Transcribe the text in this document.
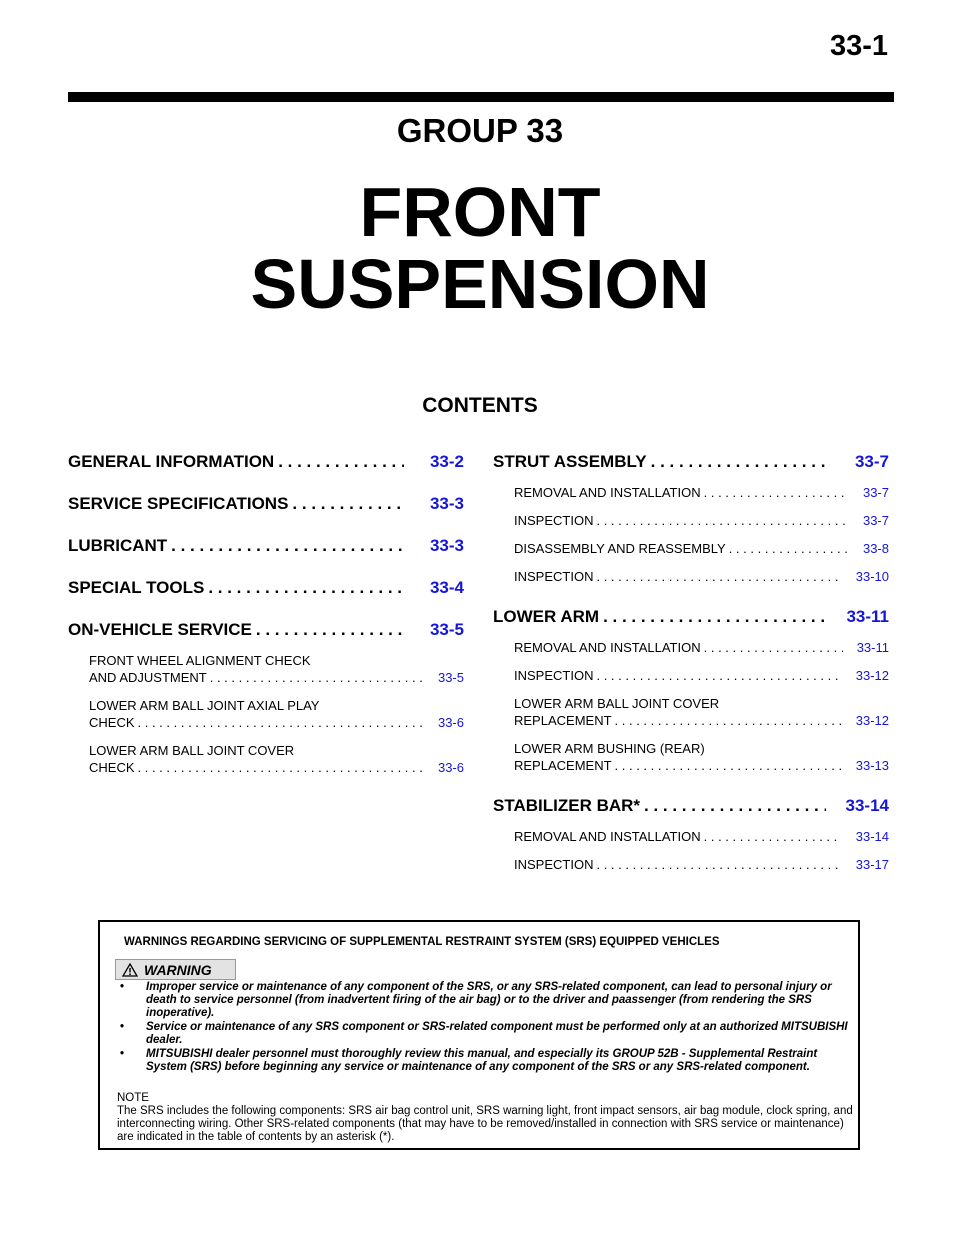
33-1
GROUP 33
FRONT
SUSPENSION
CONTENTS
GENERAL INFORMATION . . .	33-2
SERVICE SPECIFICATIONS . . .	33-3
LUBRICANT . . .	33-3
SPECIAL TOOLS . . .	33-4
ON-VEHICLE SERVICE . . .	33-5
FRONT WHEEL ALIGNMENT CHECK
AND ADJUSTMENT . . .	33-5
LOWER ARM BALL JOINT AXIAL PLAY
CHECK . . .	33-6
LOWER ARM BALL JOINT COVER
CHECK . . .	33-6
STRUT ASSEMBLY . . .	33-7
REMOVAL AND INSTALLATION . . .	33-7
INSPECTION . . .	33-7
DISASSEMBLY AND REASSEMBLY . . .	33-8
INSPECTION . . .	33-10
LOWER ARM . . .	33-11
REMOVAL AND INSTALLATION . . .	33-11
INSPECTION . . .	33-12
LOWER ARM BALL JOINT COVER
REPLACEMENT . . .	33-12
LOWER ARM BUSHING (REAR)
REPLACEMENT . . .	33-13
STABILIZER BAR* . . .	33-14
REMOVAL AND INSTALLATION . . .	33-14
INSPECTION . . .	33-17
WARNINGS REGARDING SERVICING OF SUPPLEMENTAL RESTRAINT SYSTEM (SRS) EQUIPPED VEHICLES
WARNING
• Improper service or maintenance of any component of the SRS, or any SRS-related component, can lead to personal injury or death to service personnel (from inadvertent firing of the air bag) or to the driver and paassenger (from rendering the SRS inoperative).
• Service or maintenance of any SRS component or SRS-related component must be performed only at an authorized MITSUBISHI dealer.
• MITSUBISHI dealer personnel must thoroughly review this manual, and especially its GROUP 52B - Supplemental Restraint System (SRS) before beginning any service or maintenance of any component of the SRS or any SRS-related component.
NOTE
The SRS includes the following components: SRS air bag control unit, SRS warning light, front impact sensors, air bag module, clock spring, and interconnecting wiring. Other SRS-related components (that may have to be removed/installed in connection with SRS service or maintenance) are indicated in the table of contents by an asterisk (*).
